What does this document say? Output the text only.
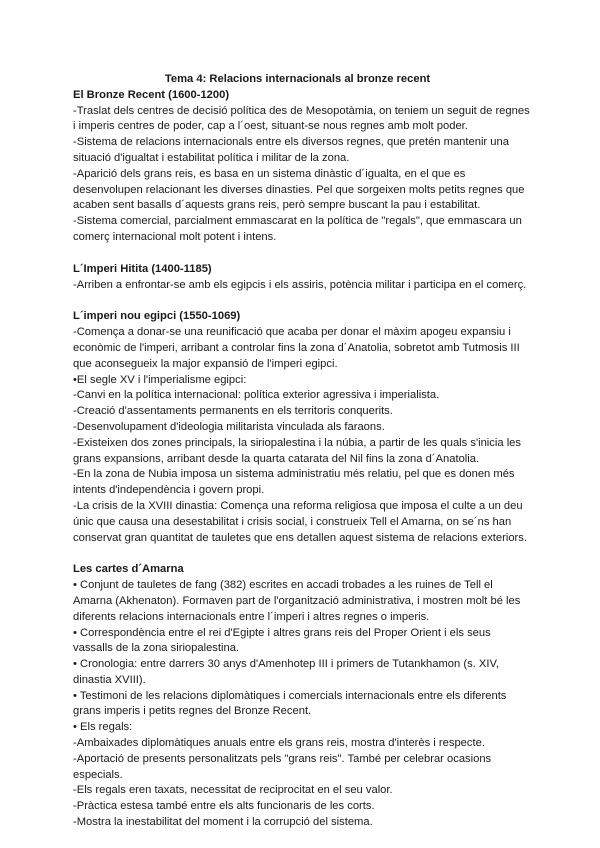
Tema 4: Relacions internacionals al bronze recent
El Bronze Recent (1600-1200)
-Traslat dels centres de decisió política des de Mesopotàmia, on teniem un seguit de regnes
i imperis centres de poder, cap a l´oest, situant-se nous regnes amb molt poder.
-Sistema de relacions internacionals entre els diversos regnes, que pretén mantenir una
situació d'igualtat i estabilitat política i militar de la zona.
-Aparició dels grans reis, es basa en un sistema dinàstic d´igualta, en el que es
desenvolupen relacionant les diverses dinasties. Pel que sorgeixen molts petits regnes que
acaben sent basalls d´aquests grans reis, però sempre buscant la pau i estabilitat.
-Sistema comercial, parcialment emmascarat en la política de "regals", que emmascara un
comerç internacional molt potent i intens.
L´Imperi Hitita (1400-1185)
-Arriben a enfrontar-se amb els egipcis i els assiris, potència militar i participa en el comerç.
L´imperi nou egipci (1550-1069)
-Comença a donar-se una reunificació que acaba per donar el màxim apogeu expansiu i
econòmic de l'imperi, arribant a controlar fins la zona d´Anatolia, sobretot amb Tutmosis III
que aconsegueix la major expansió de l'imperi egipci.
•El segle XV i l'imperialisme egipci:
-Canvi en la política internacional: política exterior agressiva i imperialista.
-Creació d'assentaments permanents en els territoris conquerits.
-Desenvolupament d'ideologia militarista vinculada als faraons.
-Existeixen dos zones principals, la siriopalestina i la núbia, a partir de les quals s'inicia les
grans expansions, arribant desde la quarta catarata del Nil fins la zona d´Anatolia.
-En la zona de Nubia imposa un sistema administratiu més relatiu, pel que es donen més
intents d'independència i govern propi.
-La crisis de la XVIII dinastia: Comença una reforma religiosa que imposa el culte a un deu
únic que causa una desestabilitat i crisis social, i construeix Tell el Amarna, on se´ns han
conservat gran quantitat de tauletes que ens detallen aquest sistema de relacions exteriors.
Les cartes d´Amarna
• Conjunt de tauletes de fang (382) escrites en accadi trobades a les ruines de Tell el
Amarna (Akhenaton). Formaven part de l'organització administrativa, i mostren molt bé les
diferents relacions internacionals entre l´imperi i altres regnes o imperis.
• Correspondència entre el rei d'Egipte i altres grans reis del Proper Orient i els seus
vassalls de la zona siriopalestina.
• Cronologia: entre darrers 30 anys d'Amenhotep III i primers de Tutankhamon (s. XIV,
dinastia XVIII).
• Testimoni de les relacions diplomàtiques i comercials internacionals entre els diferents
grans imperis i petits regnes del Bronze Recent.
• Els regals:
-Ambaixades diplomàtiques anuals entre els grans reis, mostra d'interès i respecte.
-Aportació de presents personalitzats pels "grans reis". També per celebrar ocasions
especials.
-Els regals eren taxats, necessitat de reciprocitat en el seu valor.
-Pràctica estesa també entre els alts funcionaris de les corts.
-Mostra la inestabilitat del moment i la corrupció del sistema.
